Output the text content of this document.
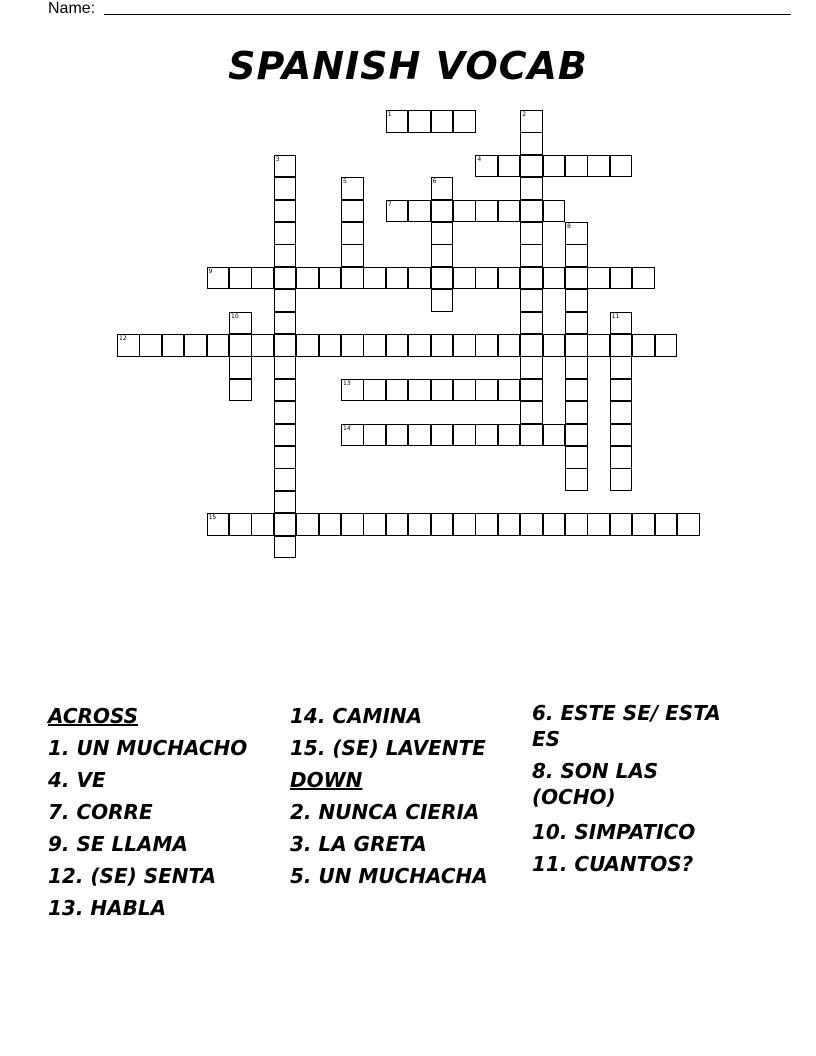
Name:
SPANISH VOCAB
1	2
3	4
5	6
7
8
9
10	11
12
13
14
15
ACROSS
1. UN MUCHACHO
4. VE
7. CORRE
9. SE LLAMA
12. (SE) SENTA
13. HABLA
14. CAMINA
15. (SE) LAVENTE
DOWN
2. NUNCA CIERIA
3. LA GRETA
5. UN MUCHACHA
6. ESTE SE/ ESTA ES
8. SON LAS (OCHO)
10. SIMPATICO
11. CUANTOS?
